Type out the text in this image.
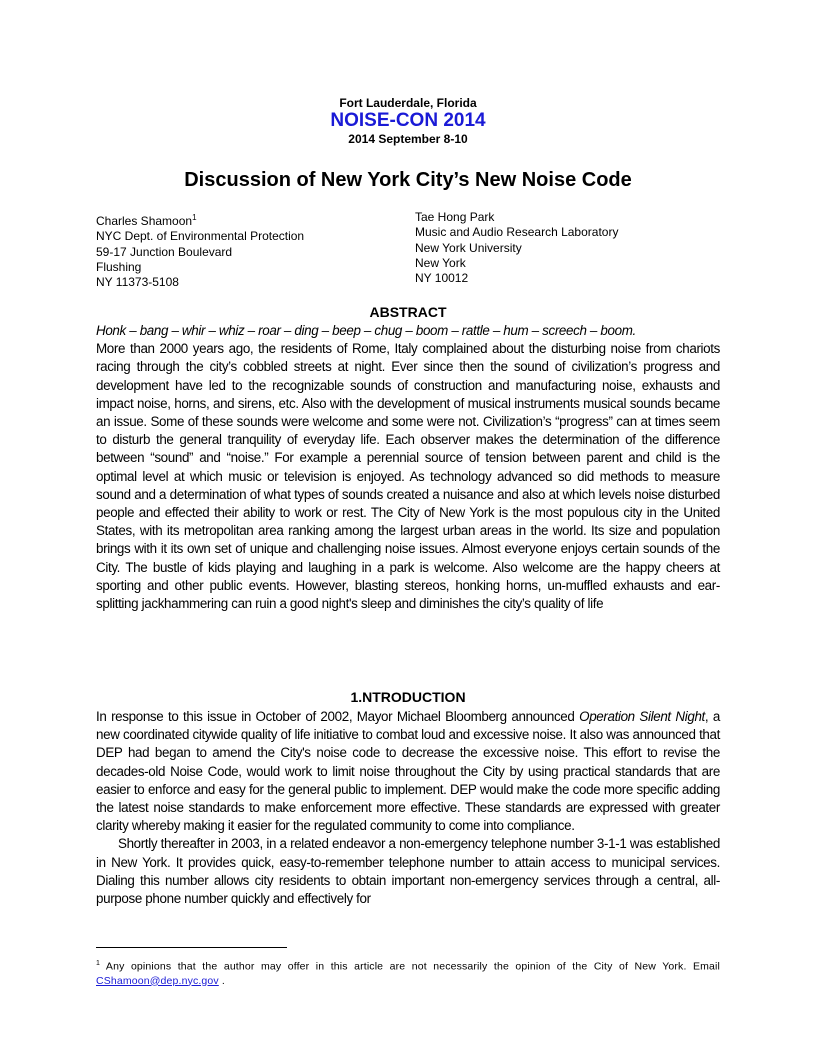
Fort Lauderdale, Florida
NOISE-CON 2014
2014 September 8-10
Discussion of New York City’s New Noise Code
Charles Shamoon$^1$
NYC Dept. of Environmental Protection
59-17 Junction Boulevard
Flushing
NY 11373-5108
Tae Hong Park
Music and Audio Research Laboratory
New York University
New York
NY 10012
ABSTRACT

Honk – bang – whir – whiz – roar – ding – beep – chug – boom – rattle – hum – screech – boom.

More than 2000 years ago, the residents of Rome, Italy complained about the disturbing noise from chariots racing through the city’s cobbled streets at night. Ever since then the sound of civilization’s progress and development have led to the recognizable sounds of construction and manufacturing noise, exhausts and impact noise, horns, and sirens, etc. Also with the development of musical instruments musical sounds became an issue. Some of these sounds were welcome and some were not. Civilization’s “progress” can at times seem to disturb the general tranquility of everyday life. Each observer makes the determination of the difference between “sound” and “noise.” For example a perennial source of tension between parent and child is the optimal level at which music or television is enjoyed. As technology advanced so did methods to measure sound and a determination of what types of sounds created a nuisance and also at which levels noise disturbed people and effected their ability to work or rest. The City of New York is the most populous city in the United States, with its metropolitan area ranking among the largest urban areas in the world. Its size and population brings with it its own set of unique and challenging noise issues. Almost everyone enjoys certain sounds of the City. The bustle of kids playing and laughing in a park is welcome. Also welcome are the happy cheers at sporting and other public events. However, blasting stereos, honking horns, un-muffled exhausts and ear-splitting jackhammering can ruin a good night's sleep and diminishes the city’s quality of life

1.NTRODUCTION

In response to this issue in October of 2002, Mayor Michael Bloomberg announced Operation Silent Night, a new coordinated citywide quality of life initiative to combat loud and excessive noise. It also was announced that DEP had began to amend the City's noise code to decrease the excessive noise. This effort to revise the decades-old Noise Code, would work to limit noise throughout the City by using practical standards that are easier to enforce and easy for the general public to implement. DEP would make the code more specific adding the latest noise standards to make enforcement more effective. These standards are expressed with greater clarity whereby making it easier for the regulated community to come into compliance.

Shortly thereafter in 2003, in a related endeavor a non-emergency telephone number 3-1-1 was established in New York. It provides quick, easy-to-remember telephone number to attain access to municipal services. Dialing this number allows city residents to obtain important non-emergency services through a central, all-purpose phone number quickly and effectively for

$^1$ Any opinions that the author may offer in this article are not necessarily the opinion of the City of New York. Email CShamoon@dep.nyc.gov .
